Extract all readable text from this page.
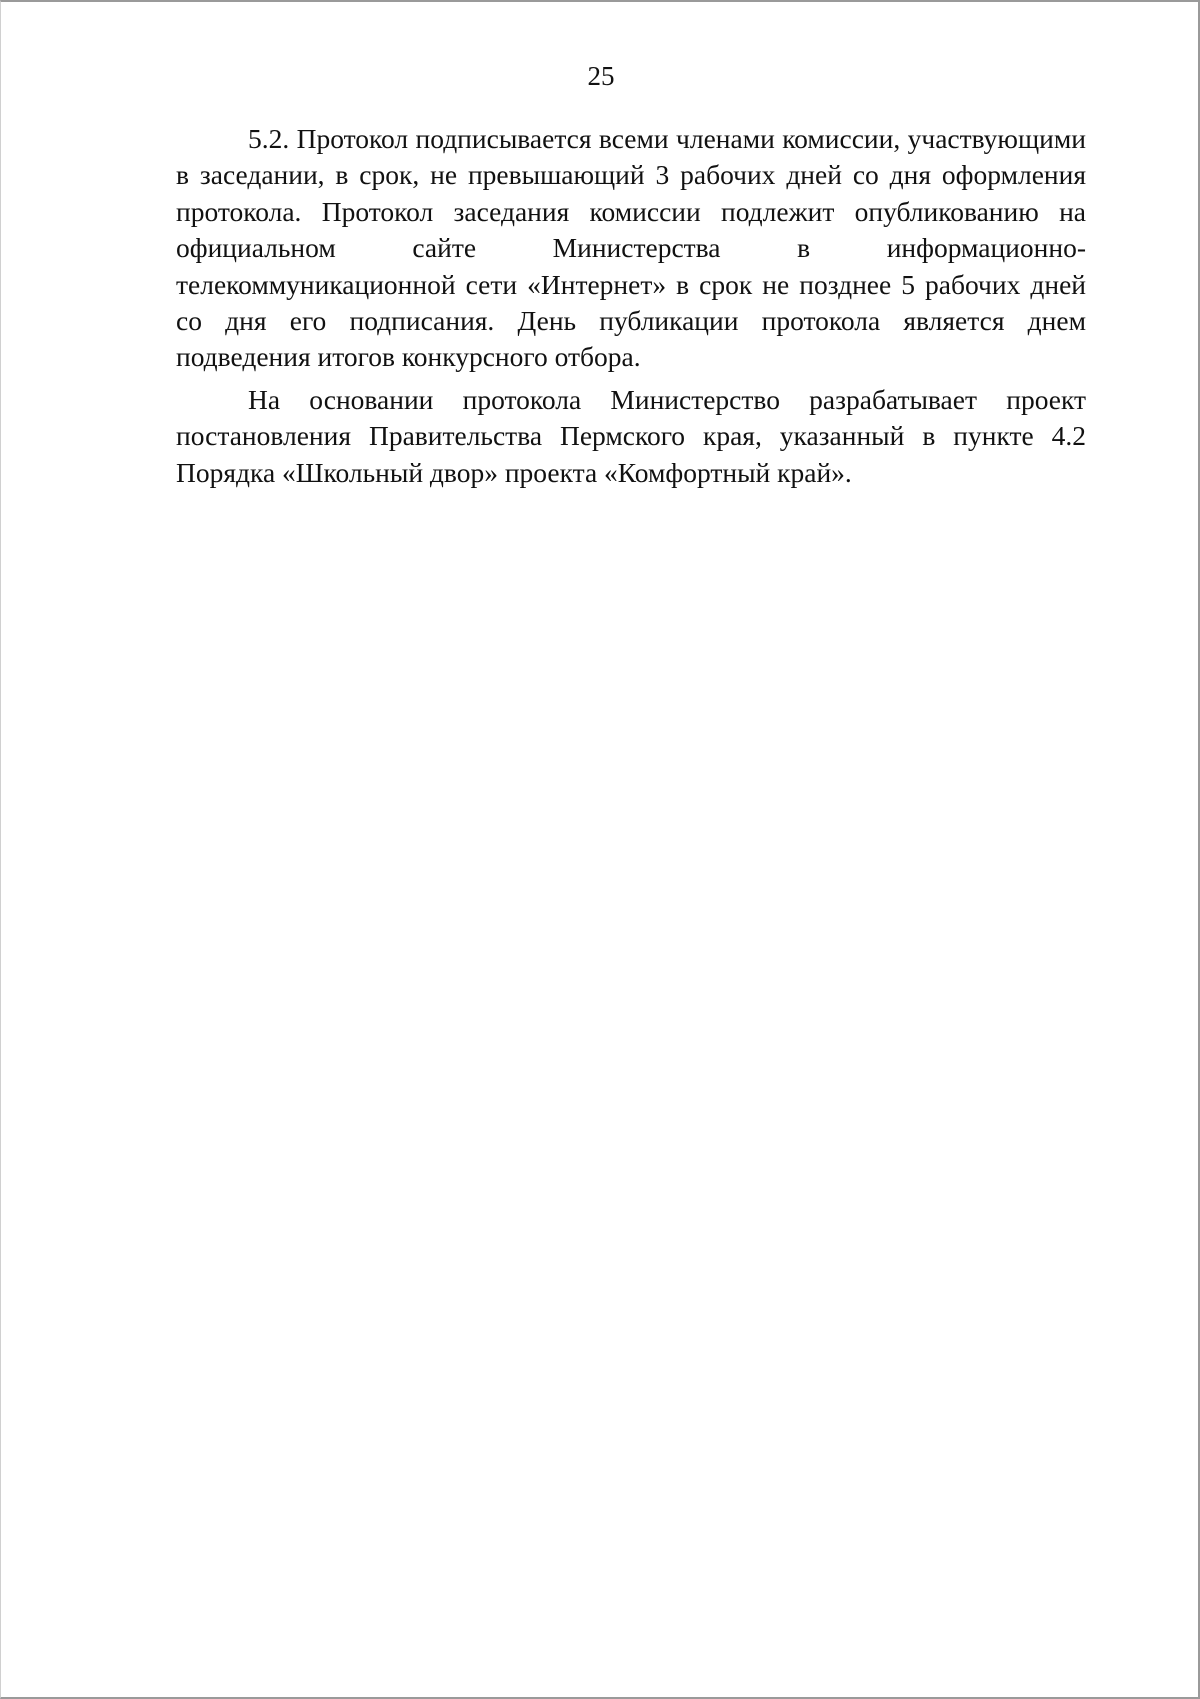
25

5.2. Протокол подписывается всеми членами комиссии, участвующими в заседании, в срок, не превышающий 3 рабочих дней со дня оформления протокола. Протокол заседания комиссии подлежит опубликованию на официальном сайте Министерства в информационно-телекоммуникационной сети «Интернет» в срок не позднее 5 рабочих дней со дня его подписания. День публикации протокола является днем подведения итогов конкурсного отбора.

На основании протокола Министерство разрабатывает проект постановления Правительства Пермского края, указанный в пункте 4.2 Порядка «Школьный двор» проекта «Комфортный край».
